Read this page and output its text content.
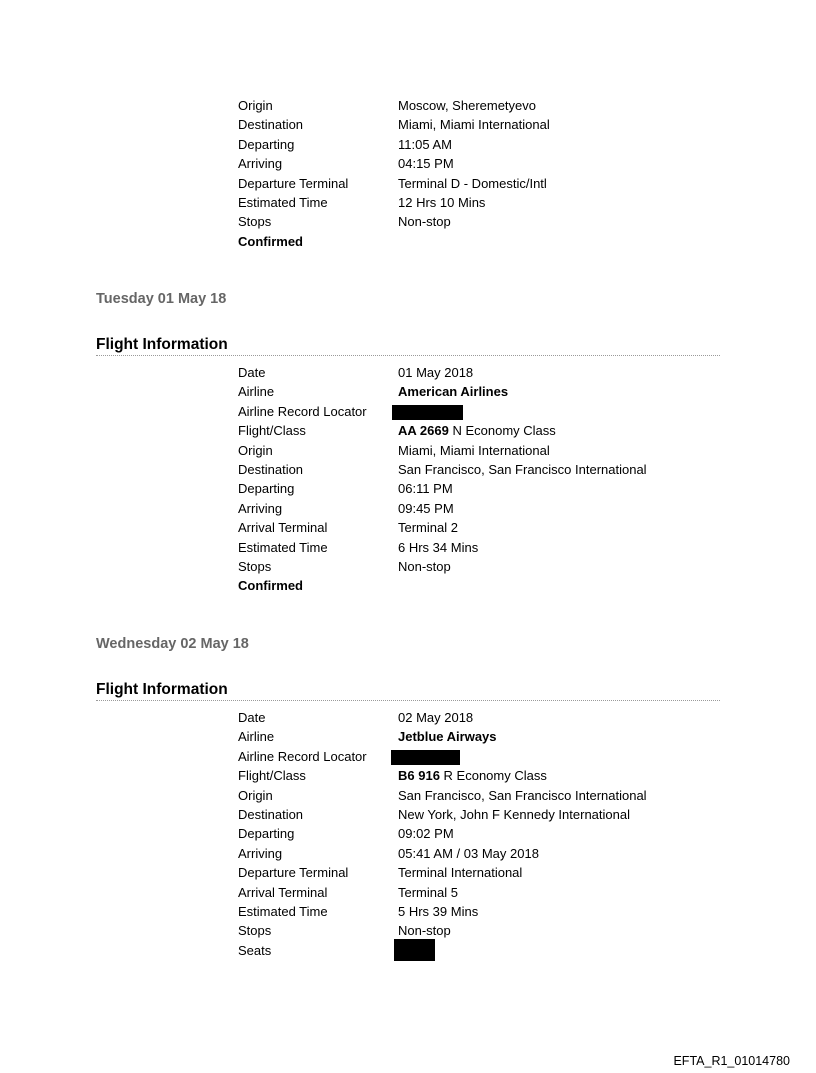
Origin	Moscow, Sheremetyevo
Destination	Miami, Miami International
Departing	11:05 AM
Arriving	04:15 PM
Departure Terminal	Terminal D - Domestic/Intl
Estimated Time	12 Hrs 10 Mins
Stops	Non-stop
Confirmed
Tuesday 01 May 18
Flight Information
Date	01 May 2018
Airline	American Airlines
Airline Record Locator
Flight/Class	AA 2669 N Economy Class
Origin	Miami, Miami International
Destination	San Francisco, San Francisco International
Departing	06:11 PM
Arriving	09:45 PM
Arrival Terminal	Terminal 2
Estimated Time	6 Hrs 34 Mins
Stops	Non-stop
Confirmed
Wednesday 02 May 18
Flight Information
Date	02 May 2018
Airline	Jetblue Airways
Airline Record Locator
Flight/Class	B6 916 R Economy Class
Origin	San Francisco, San Francisco International
Destination	New York, John F Kennedy International
Departing	09:02 PM
Arriving	05:41 AM / 03 May 2018
Departure Terminal	Terminal International
Arrival Terminal	Terminal 5
Estimated Time	5 Hrs 39 Mins
Stops	Non-stop
Seats
EFTA_R1_01014780
